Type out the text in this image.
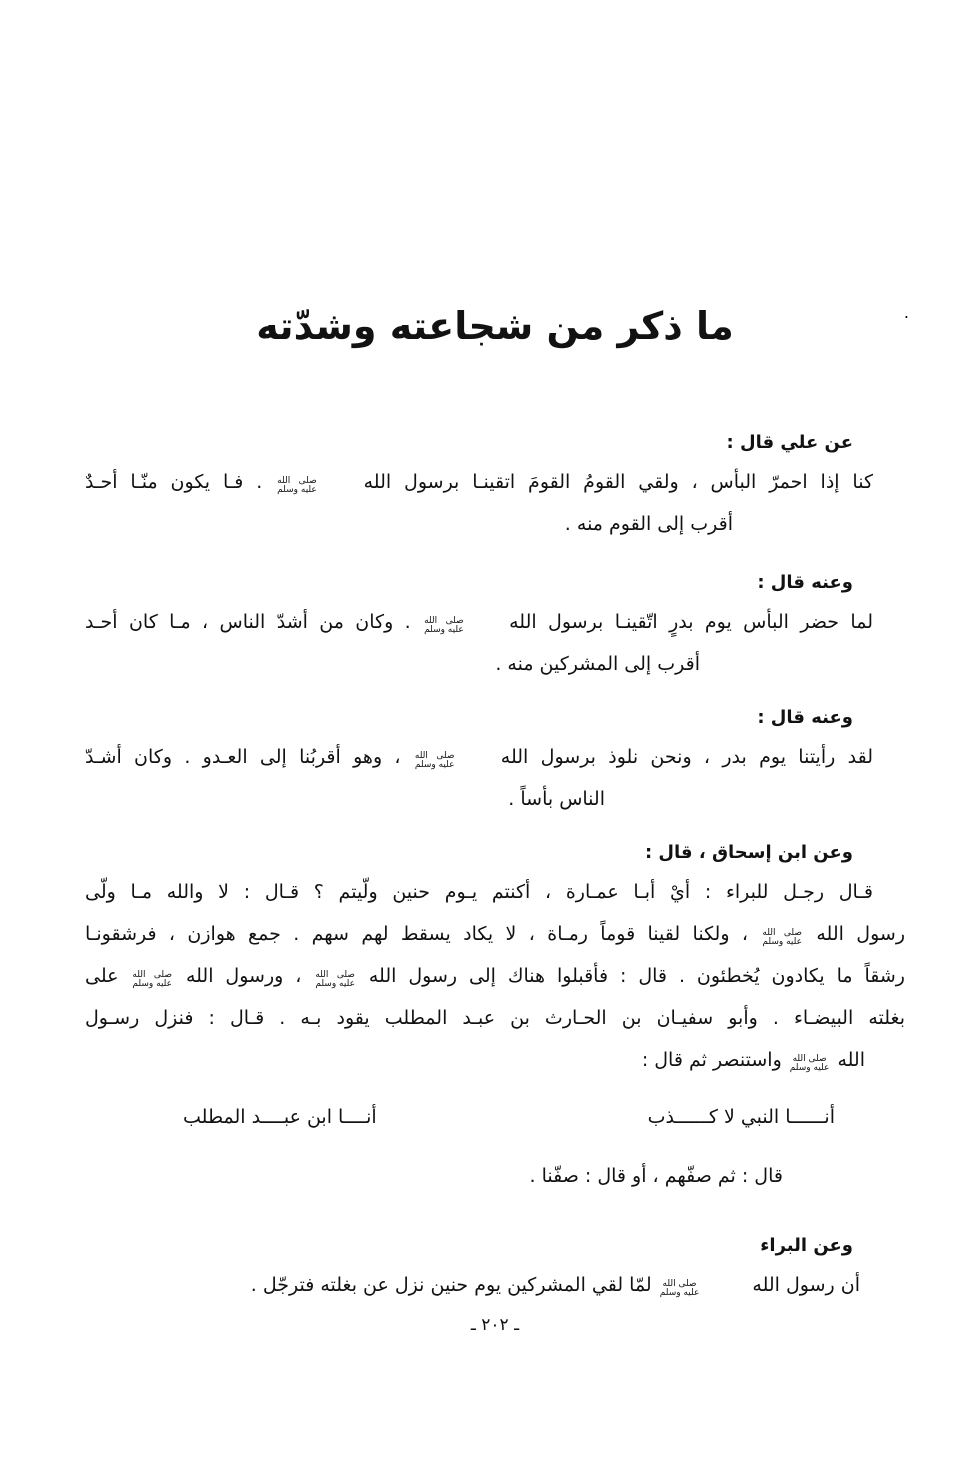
.
ما ذكر من شجاعته وشدّته
عن علي قال :
كنا إذا احمرّ البأس ، ولقي القومُ القومَ اتقينـا برسول الله
صلى الله
عليه وسلم
. فـا يكون منّـا أحـدٌ
أقرب إلى القوم منه .
وعنه قال :
لما حضر البأس يوم بدرٍ اتّقينـا برسول الله
صلى الله
عليه وسلم
. وكان من أشدّ الناس ، مـا كان أحـد
أقرب إلى المشركين منه .
وعنه قال :
لقد رأيتنا يوم بدر ، ونحن نلوذ برسول الله
صلى الله
عليه وسلم
، وهو أقربُنا إلى العـدو . وكان أشـدّ
الناس بأساً .
وعن ابن إسحاق ، قال :
قـال رجـل للبراء : أيْ أبـا عمـارة ، أكنتم يـوم حنين ولّيتم ؟ قـال : لا والله مـا ولّى
رسول الله
صلى الله
عليه وسلم
، ولكنا لقينا قوماً رمـاة ، لا يكاد يسقط لهم سهم . جمع هوازن ، فرشقونـا
رشقاً ما يكادون يُخطئون . قال : فأقبلوا هناك إلى رسول الله
صلى الله
عليه وسلم
، ورسول الله
صلى الله
عليه وسلم
على
بغلته البيضـاء . وأبو سفيـان بن الحـارث بن عبـد المطلب يقود بـه . قـال : فنزل رسـول
الله
صلى الله
عليه وسلم
واستنصر ثم قال :
أنــــــا النبي لا كــــــذب
أنــــا ابن عبــــد المطلب
قال : ثم صفّهم ، أو قال : صفّنا .
وعن البراء
أن رسول الله
صلى الله
عليه وسلم
لمّا لقي المشركين يوم حنين نزل عن بغلته فترجّل .
ـ ٢٠٢ ـ
